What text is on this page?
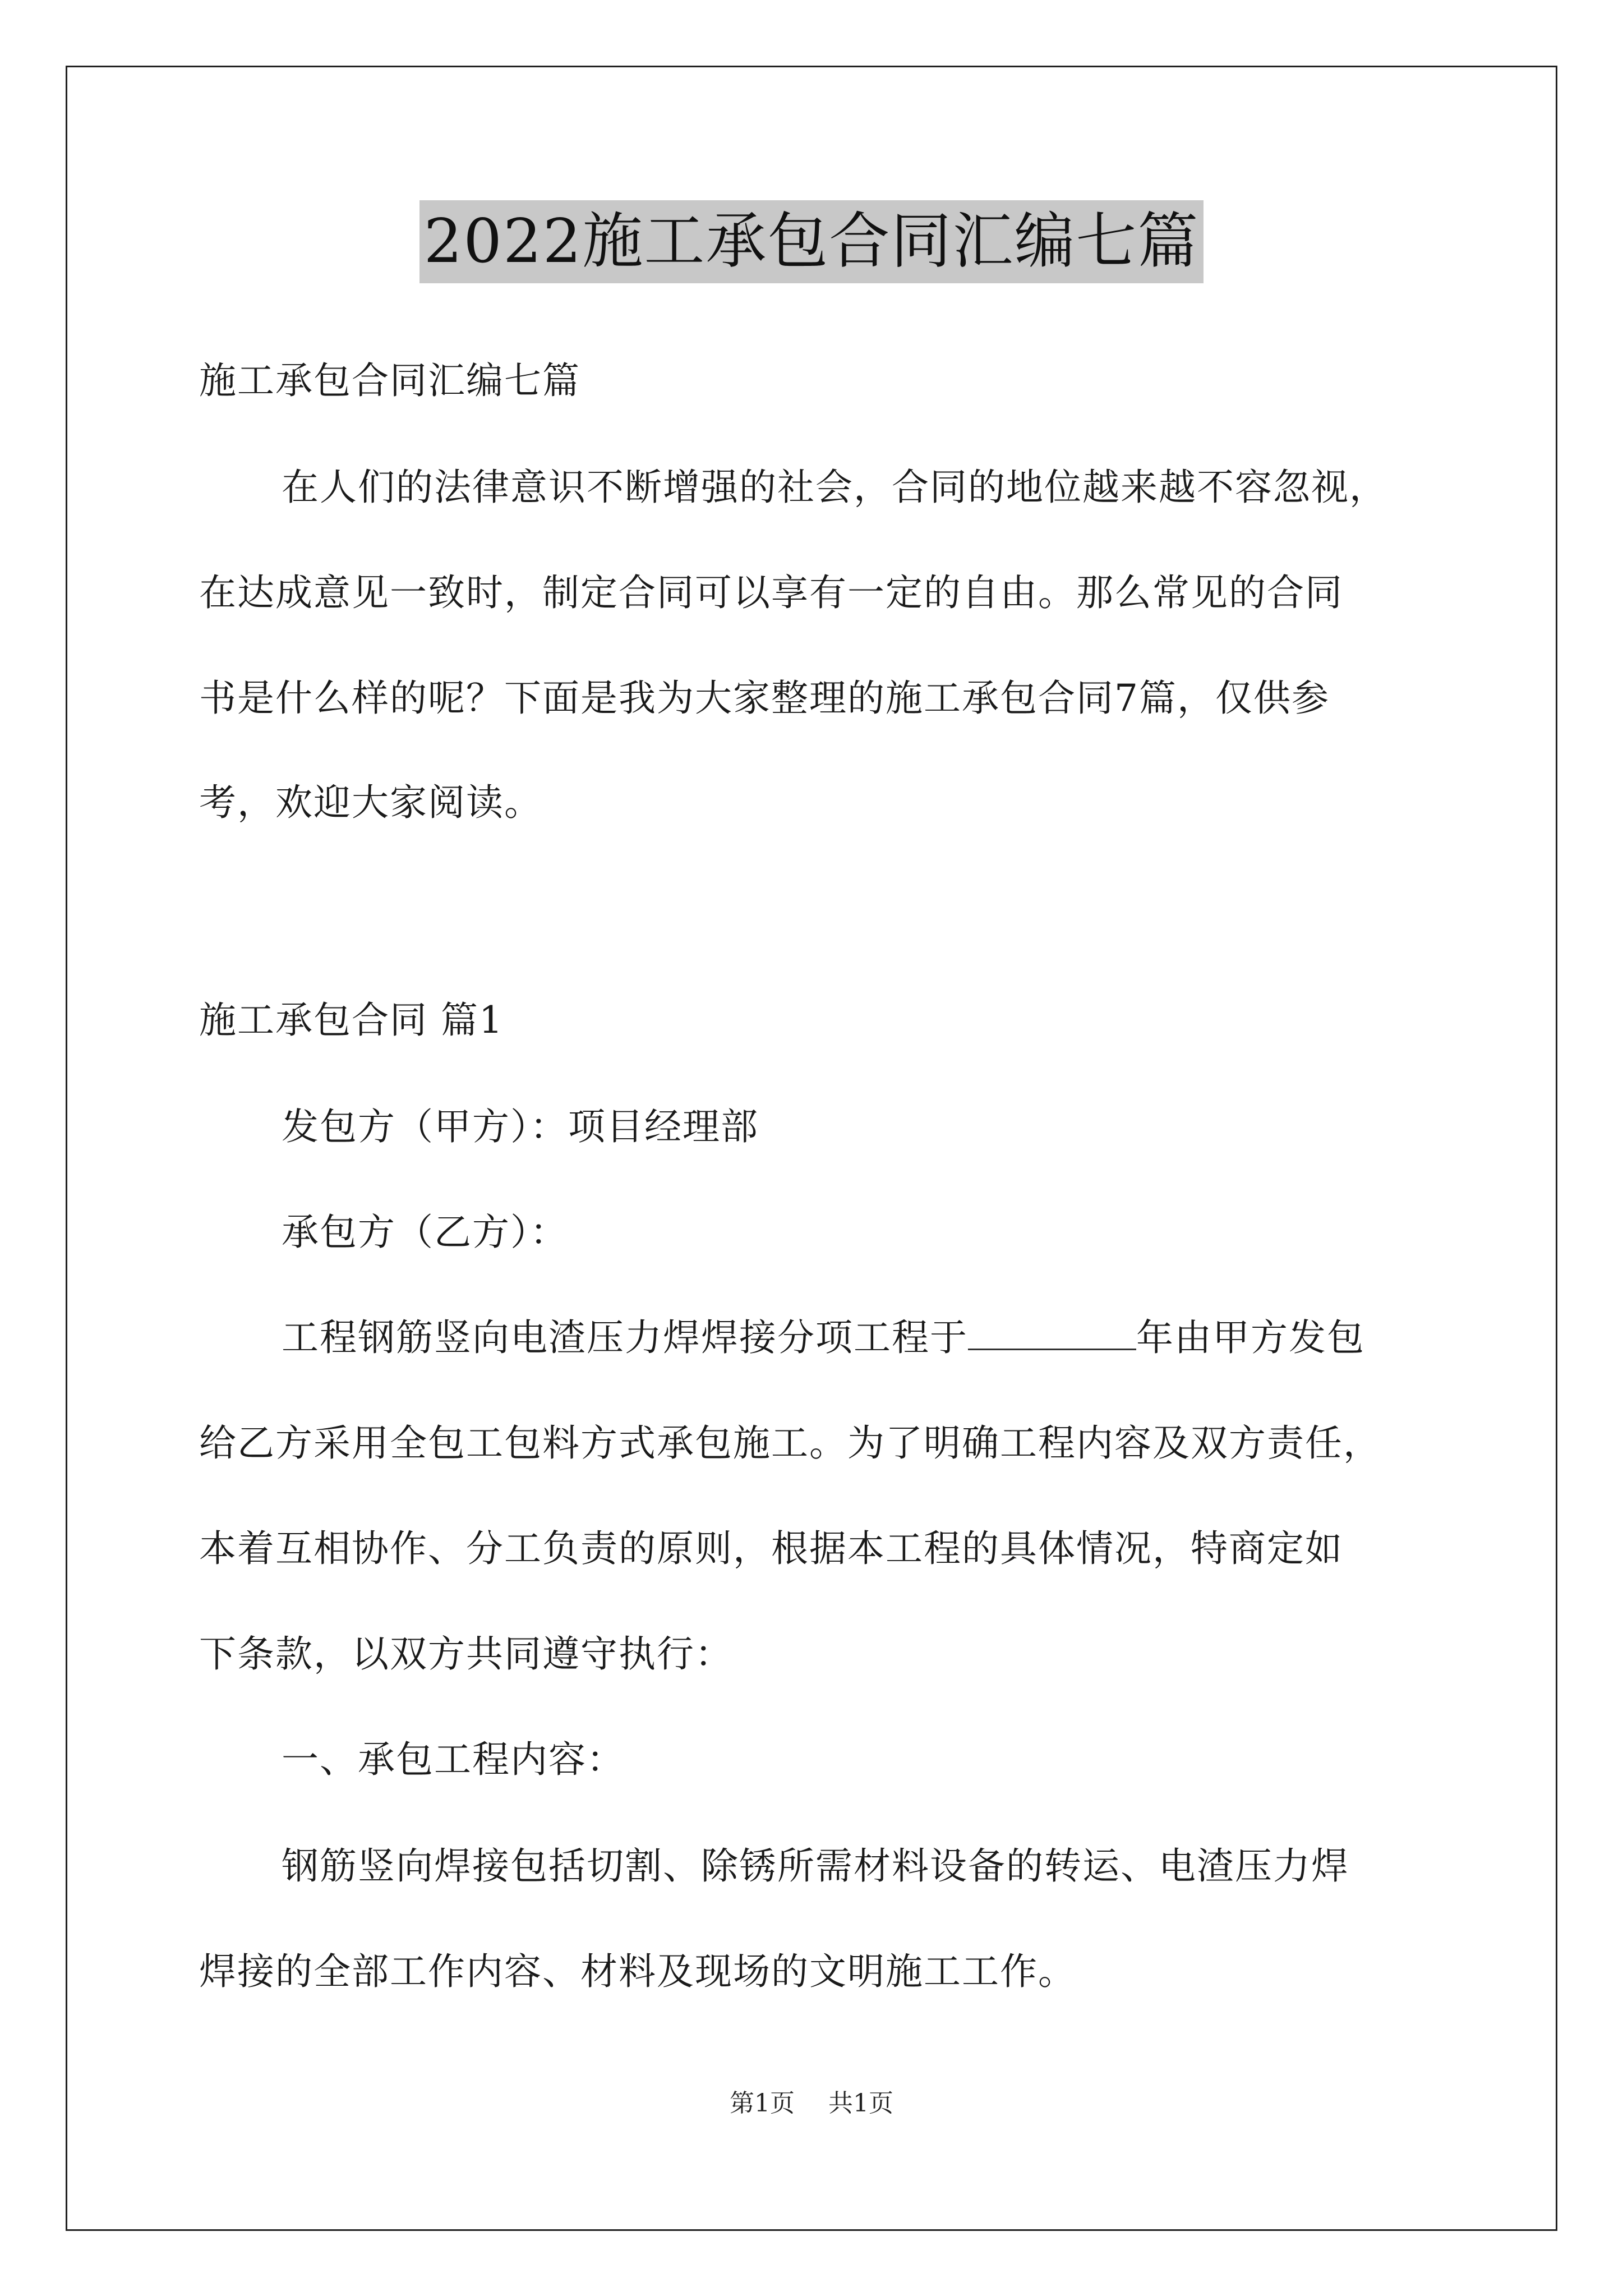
2022施工承包合同汇编七篇
施工承包合同汇编七篇
在人们的法律意识不断增强的社会，合同的地位越来越不容忽视，
在达成意见一致时，制定合同可以享有一定的自由。那么常见的合同
书是什么样的呢？下面是我为大家整理的施工承包合同7篇，仅供参
考，欢迎大家阅读。
施工承包合同 篇1
发包方（甲方）：项目经理部
承包方（乙方）：
工程钢筋竖向电渣压力焊焊接分项工程于	年由甲方发包
给乙方采用全包工包料方式承包施工。为了明确工程内容及双方责任，
本着互相协作、分工负责的原则，根据本工程的具体情况，特商定如
下条款，以双方共同遵守执行：
一、承包工程内容：
钢筋竖向焊接包括切割、除锈所需材料设备的转运、电渣压力焊
焊接的全部工作内容、材料及现场的文明施工工作。
第1页 共1页
